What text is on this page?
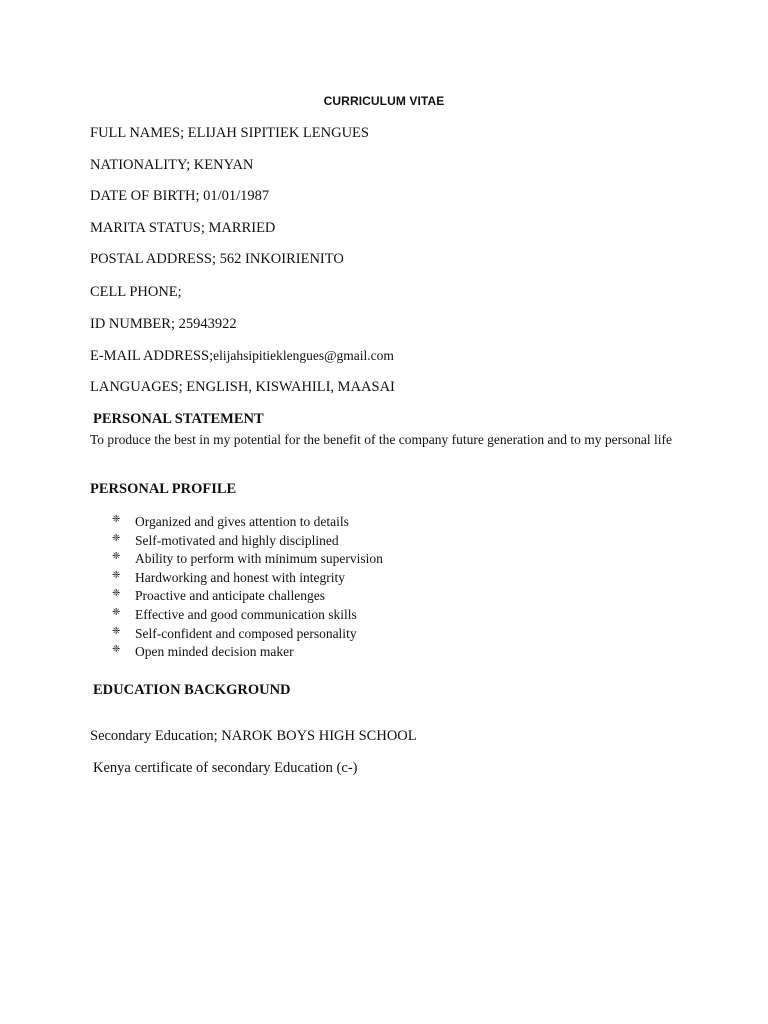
CURRICULUM VITAE
FULL NAMES; ELIJAH SIPITIEK LENGUES
NATIONALITY; KENYAN
DATE OF BIRTH; 01/01/1987
MARITA STATUS; MARRIED
POSTAL ADDRESS; 562 INKOIRIENITO
CELL PHONE;
ID NUMBER; 25943922
E-MAIL ADDRESS;elijahsipitieklengues@gmail.com
LANGUAGES; ENGLISH, KISWAHILI, MAASAI
PERSONAL STATEMENT
To produce the best in my potential for the benefit of the company future generation and to my personal life
PERSONAL PROFILE
❈	Organized and gives attention to details
❈	Self-motivated and highly disciplined
❈	Ability to perform with minimum supervision
❈	Hardworking and honest with integrity
❈	Proactive and anticipate challenges
❈	Effective and good communication skills
❈	Self-confident and composed personality
❈	Open minded decision maker
EDUCATION BACKGROUND
Secondary Education; NAROK BOYS HIGH SCHOOL
Kenya certificate of secondary Education (c-)
